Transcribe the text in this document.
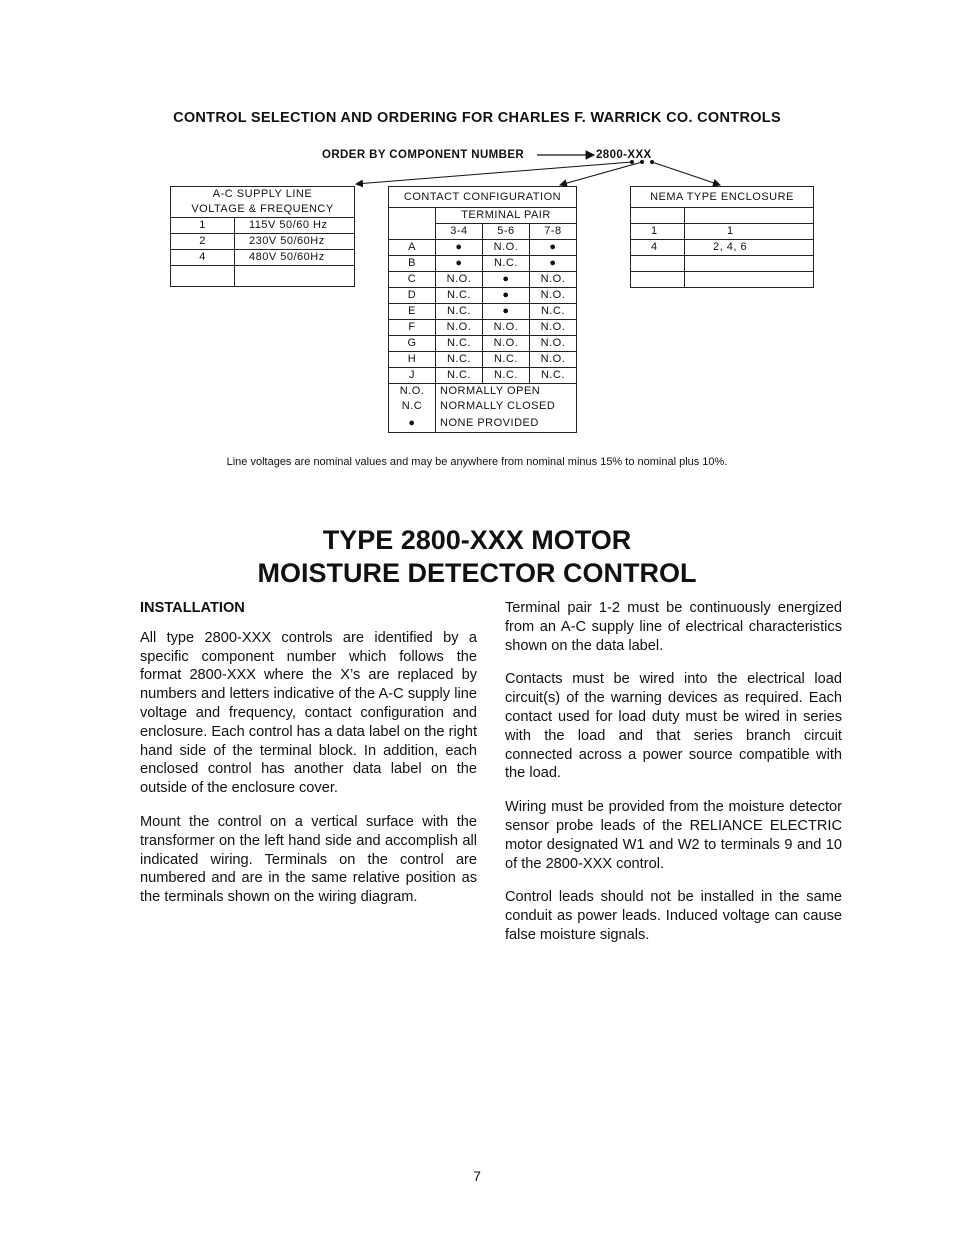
CONTROL SELECTION AND ORDERING FOR CHARLES F. WARRICK CO. CONTROLS
ORDER BY COMPONENT NUMBER	2800-XXX
A-C SUPPLY LINE	
VOLTAGE & FREQUENCY	
1	115V 50/60 Hz
2	230V 50/60Hz
4	480V 50/60Hz

CONTACT CONFIGURATION			
	TERMINAL PAIR		
	3-4	5-6	7-8
A	●	N.O.	●
B	●	N.C.	●
C	N.O.	●	N.O.
D	N.C.	●	N.O.
E	N.C.	●	N.C.
F	N.O.	N.O.	N.O.
G	N.C.	N.O.	N.O.
H	N.C.	N.C.	N.O.
J	N.C.	N.C.	N.C.
N.O.	NORMALLY OPEN		
N.C	NORMALLY CLOSED		
●	NONE PROVIDED		
NEMA TYPE ENCLOSURE	

1	1
4	2, 4, 6

Line voltages are nominal values and may be anywhere from nominal minus 15% to nominal plus 10%.
TYPE 2800-XXX MOTOR
MOISTURE DETECTOR CONTROL
INSTALLATION

All type 2800-XXX controls are identified by a specific component number which follows the format 2800-XXX where the X’s are replaced by numbers and letters indicative of the A-C supply line voltage and frequency, contact configuration and enclosure. Each control has a data label on the right hand side of the terminal block. In addition, each enclosed control has another data label on the outside of the enclosure cover.

Mount the control on a vertical surface with the transformer on the left hand side and accomplish all indicated wiring. Terminals on the control are numbered and are in the same relative position as the terminals shown on the wiring diagram.

Terminal pair 1-2 must be continuously energized from an A-C supply line of electrical characteristics shown on the data label.

Contacts must be wired into the electrical load circuit(s) of the warning devices as required. Each contact used for load duty must be wired in series with the load and that series branch circuit connected across a power source compatible with the load.

Wiring must be provided from the moisture detector sensor probe leads of the RELIANCE ELECTRIC motor designated W1 and W2 to terminals 9 and 10 of the 2800-XXX control.

Control leads should not be installed in the same conduit as power leads. Induced voltage can cause false moisture signals.

7
